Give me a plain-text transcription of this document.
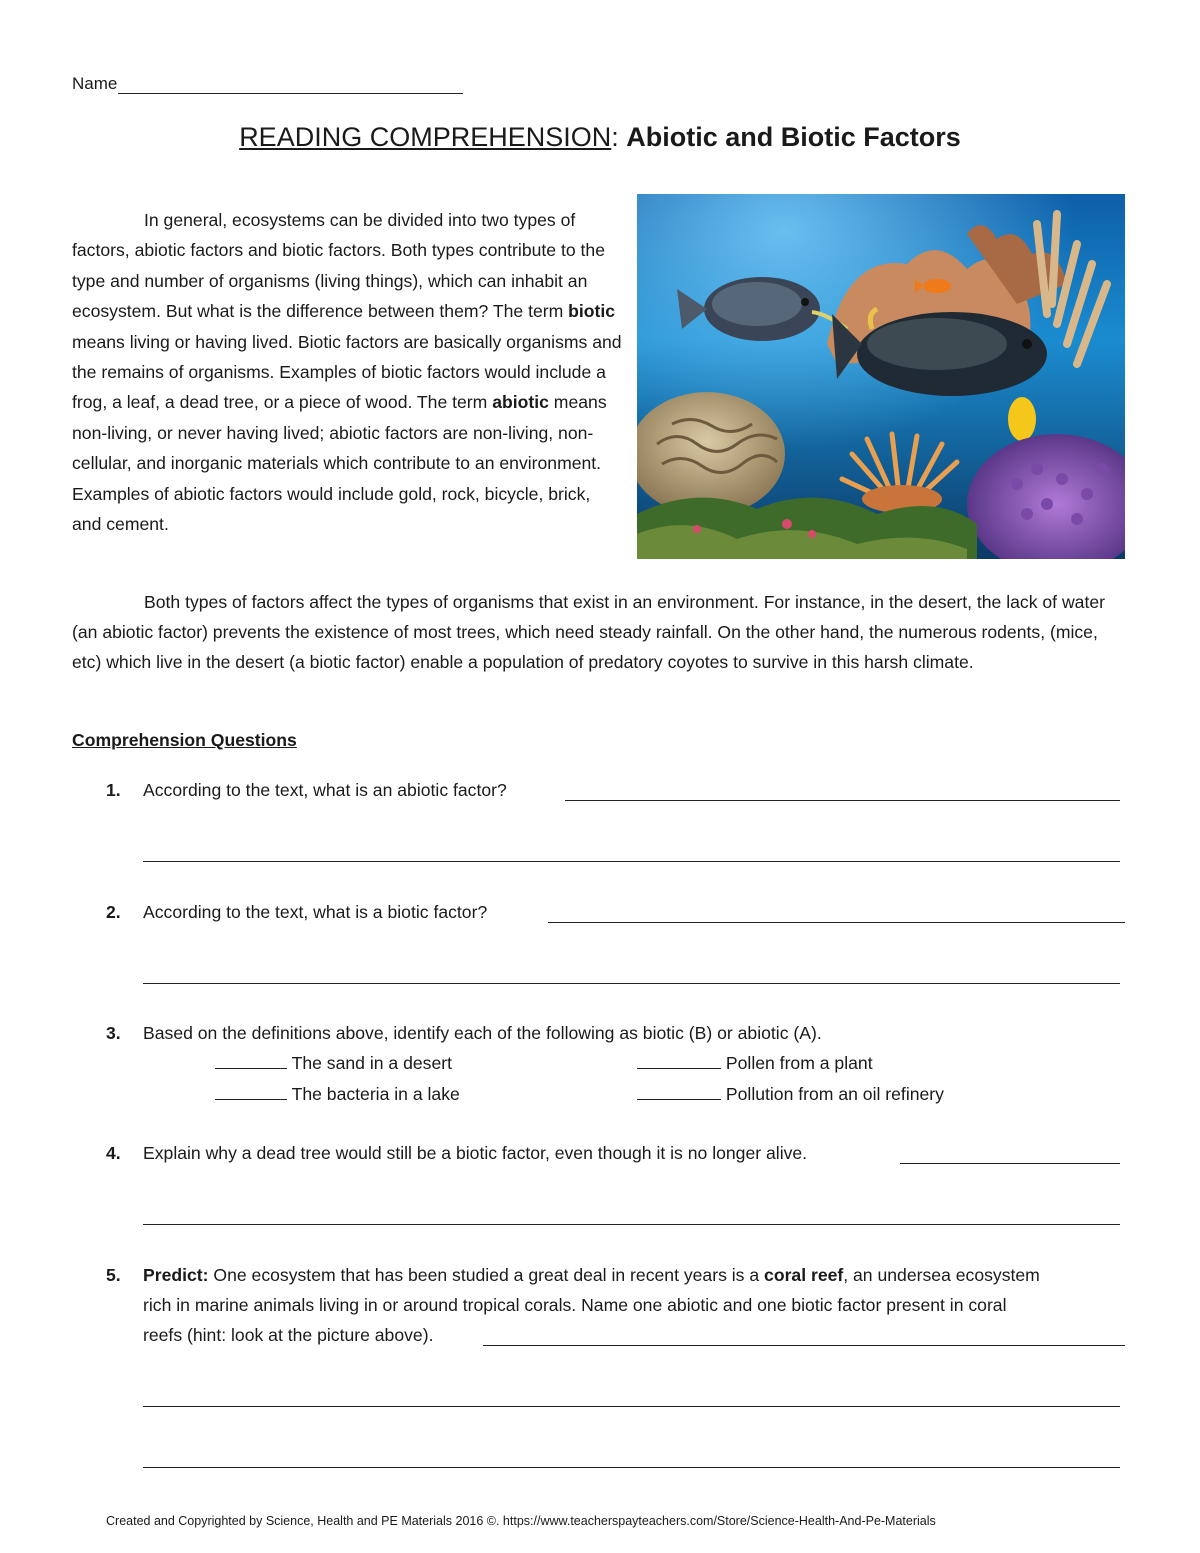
Name
READING COMPREHENSION: Abiotic and Biotic Factors
In general, ecosystems can be divided into two types of factors, abiotic factors and biotic factors. Both types contribute to the type and number of organisms (living things), which can inhabit an ecosystem. But what is the difference between them? The term biotic means living or having lived. Biotic factors are basically organisms and the remains of organisms. Examples of biotic factors would include a frog, a leaf, a dead tree, or a piece of wood. The term abiotic means non-living, or never having lived; abiotic factors are non-living, non-cellular, and inorganic materials which contribute to an environment. Examples of abiotic factors would include gold, rock, bicycle, brick, and cement.
Both types of factors affect the types of organisms that exist in an environment. For instance, in the desert, the lack of water (an abiotic factor) prevents the existence of most trees, which need steady rainfall. On the other hand, the numerous rodents, (mice, etc) which live in the desert (a biotic factor) enable a population of predatory coyotes to survive in this harsh climate.
Comprehension Questions
1. According to the text, what is an abiotic factor?
2. According to the text, what is a biotic factor?
3. Based on the definitions above, identify each of the following as biotic (B) or abiotic (A).
The sand in a desert	Pollen from a plant
The bacteria in a lake	Pollution from an oil refinery
4. Explain why a dead tree would still be a biotic factor, even though it is no longer alive.
5. Predict: One ecosystem that has been studied a great deal in recent years is a coral reef, an undersea ecosystem
rich in marine animals living in or around tropical corals. Name one abiotic and one biotic factor present in coral
reefs (hint: look at the picture above).
Created and Copyrighted by Science, Health and PE Materials 2016 ©. https://www.teacherspayteachers.com/Store/Science-Health-And-Pe-Materials
